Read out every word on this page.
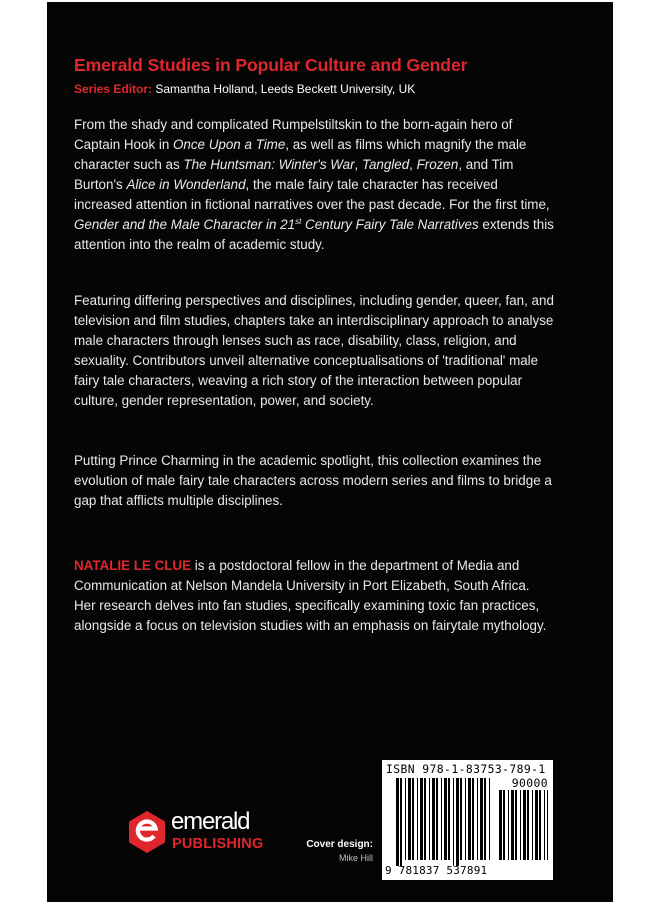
Emerald Studies in Popular Culture and Gender

Series Editor: Samantha Holland, Leeds Beckett University, UK

From the shady and complicated Rumpelstiltskin to the born-again hero of Captain Hook in Once Upon a Time, as well as films which magnify the male character such as The Huntsman: Winter's War, Tangled, Frozen, and Tim Burton's Alice in Wonderland, the male fairy tale character has received increased attention in fictional narratives over the past decade. For the first time, Gender and the Male Character in 21st Century Fairy Tale Narratives extends this attention into the realm of academic study.

Featuring differing perspectives and disciplines, including gender, queer, fan, and television and film studies, chapters take an interdisciplinary approach to analyse male characters through lenses such as race, disability, class, religion, and sexuality. Contributors unveil alternative conceptualisations of 'traditional' male fairy tale characters, weaving a rich story of the interaction between popular culture, gender representation, power, and society.

Putting Prince Charming in the academic spotlight, this collection examines the evolution of male fairy tale characters across modern series and films to bridge a gap that afflicts multiple disciplines.

NATALIE LE CLUE is a postdoctoral fellow in the department of Media and Communication at Nelson Mandela University in Port Elizabeth, South Africa. Her research delves into fan studies, specifically examining toxic fan practices, alongside a focus on television studies with an emphasis on fairytale mythology.

ISBN 978-1-83753-789-1
90000
9 781837 537891
emerald
PUBLISHING	Cover design:
Mike Hill
